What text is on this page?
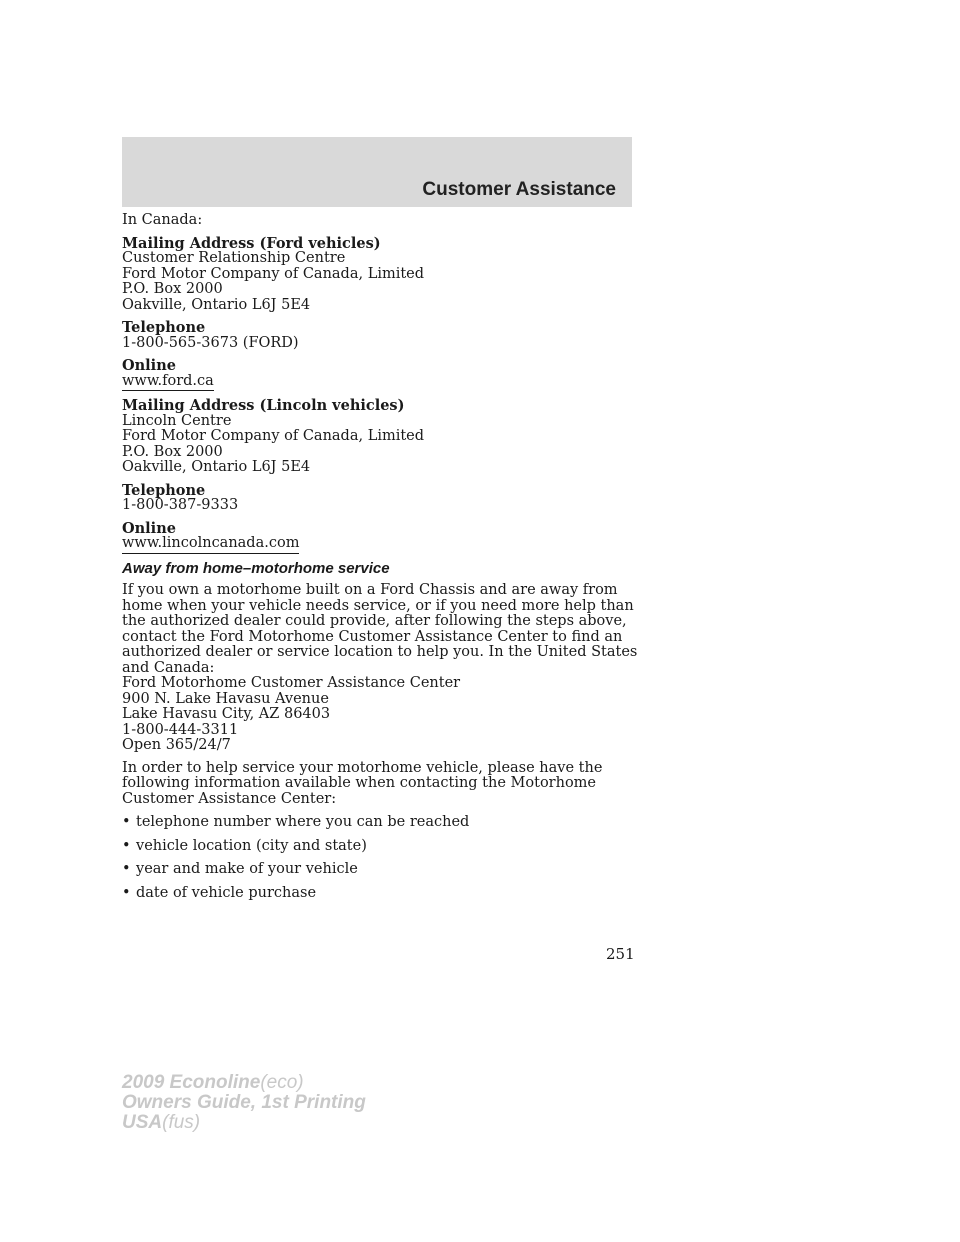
Customer Assistance

In Canada:

Mailing Address (Ford vehicles)

Customer Relationship Centre

Ford Motor Company of Canada, Limited

P.O. Box 2000

Oakville, Ontario L6J 5E4

Telephone

1-800-565-3673 (FORD)

Online

www.ford.ca

Mailing Address (Lincoln vehicles)

Lincoln Centre

Ford Motor Company of Canada, Limited

P.O. Box 2000

Oakville, Ontario L6J 5E4

Telephone

1-800-387-9333

Online

www.lincolncanada.com

Away from home–motorhome service

If you own a motorhome built on a Ford Chassis and are away from

home when your vehicle needs service, or if you need more help than

the authorized dealer could provide, after following the steps above,

contact the Ford Motorhome Customer Assistance Center to find an

authorized dealer or service location to help you. In the United States

and Canada:

Ford Motorhome Customer Assistance Center

900 N. Lake Havasu Avenue

Lake Havasu City, AZ 86403

1-800-444-3311

Open 365/24/7

In order to help service your motorhome vehicle, please have the

following information available when contacting the Motorhome

Customer Assistance Center:

• telephone number where you can be reached
• vehicle location (city and state)
• year and make of your vehicle
• date of vehicle purchase
251
2009 Econoline(eco)
Owners Guide, 1st Printing
USA(fus)
